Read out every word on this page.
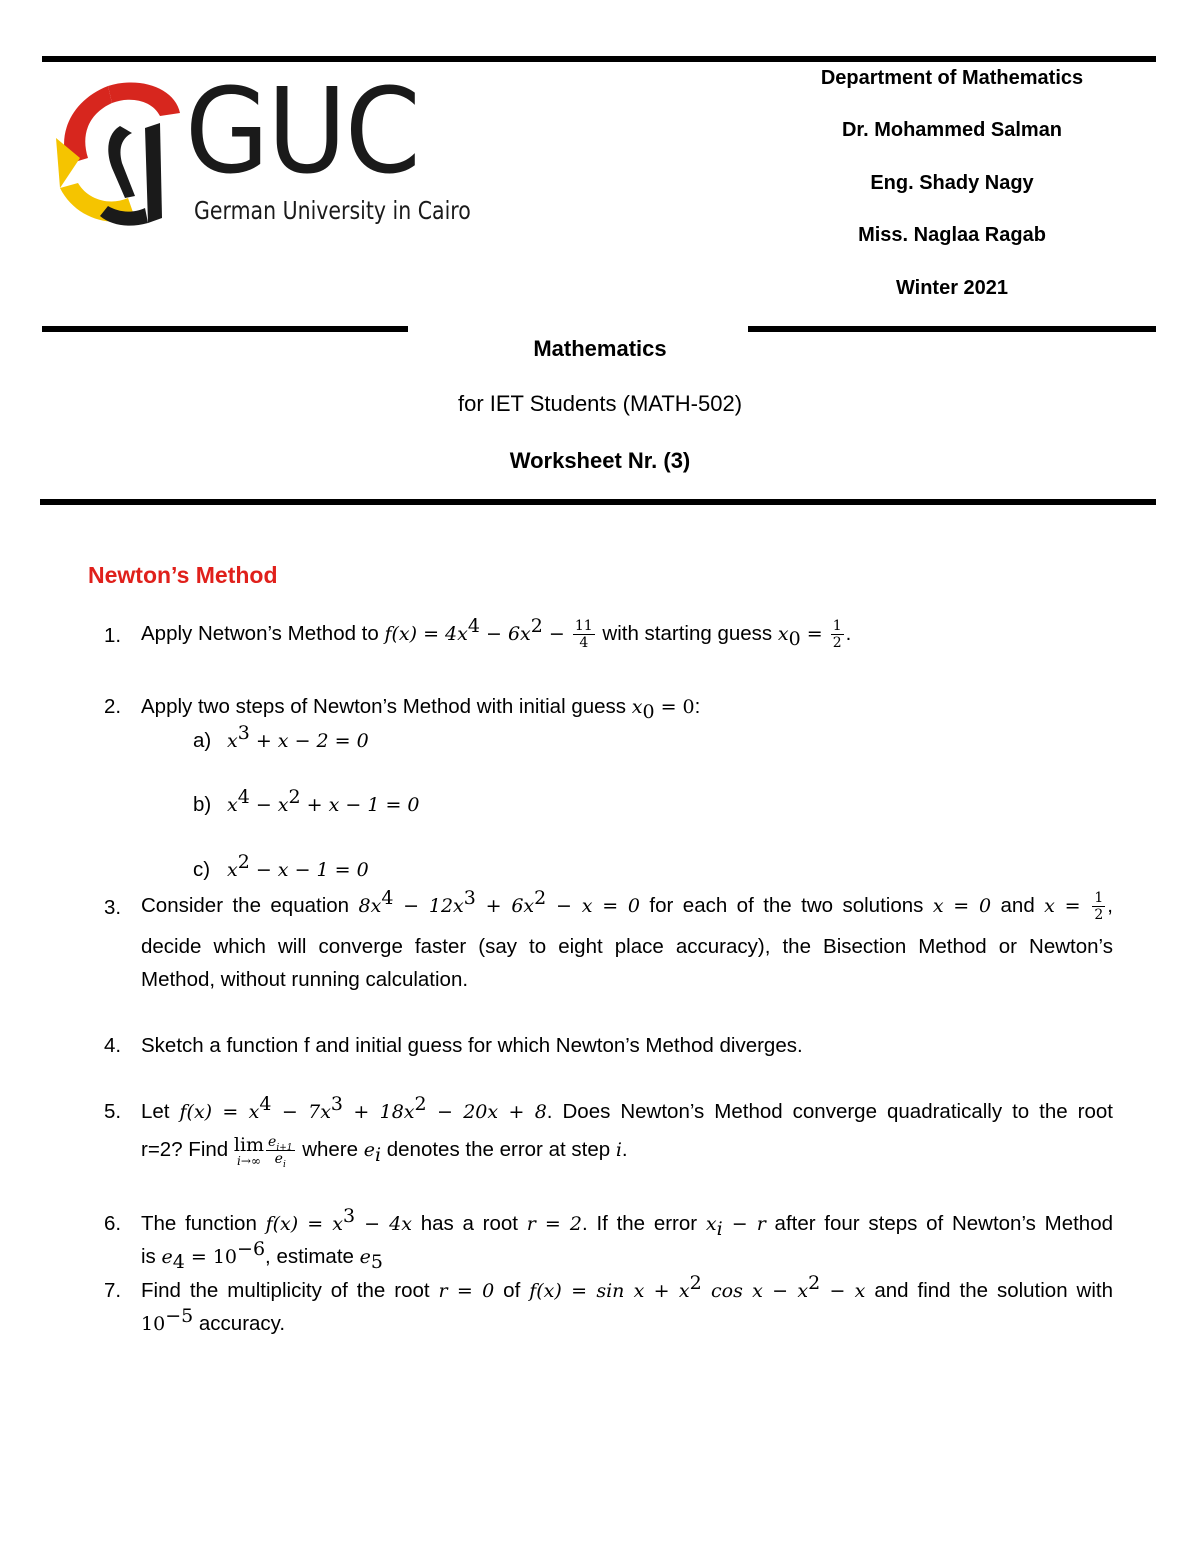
GUC
German University in Cairo
Department of Mathematics
Dr. Mohammed Salman
Eng. Shady Nagy
Miss. Naglaa Ragab
Winter 2021
Mathematics
for IET Students (MATH-502)
Worksheet Nr. (3)
Newton’s Method
1. Apply Netwon’s Method to $f(x) = 4x^4 - 6x^2 - \frac{11}{4}$ with starting guess $x_0 = \frac{1}{2}$ .
2. Apply two steps of Newton’s Method with initial guess $x_0 = 0$:
a) $x^3 + x - 2 = 0$
b) $x^4 - x^2 + x - 1 = 0$
c) $x^2 - x - 1 = 0$
3. Consider the equation $8x^4 - 12x^3 + 6x^2 - x = 0$ for each of the two solutions x = 0 and $x = \frac{1}{2}$ ,
decide which will converge faster (say to eight place accuracy), the Bisection Method or Newton’s
Method, without running calculation.
4. Sketch a function f and initial guess for which Newton’s Method diverges.
5. Let $f(x) = x^4 - 7x^3 + 18x^2 - 20x + 8$. Does Newton’s Method converge quadratically to the root
r=2? Find lim
$i\to\infty \frac{e_{i+1}}{e_i}$ where $e_i$ denotes the error at step i.
6. The function $f(x) = x^3 - 4x$ has a root r = 2. If the error $x_i - r$ after four steps of Newton’s Method
is $e_4 = 10^{-6}$, estimate $e_5$
7. Find the multiplicity of the root r = 0 of $f(x) = \sin x + x^2$ $\cos x - x^2 - x$ and find the solution with
$10^{-5}$ accuracy.
